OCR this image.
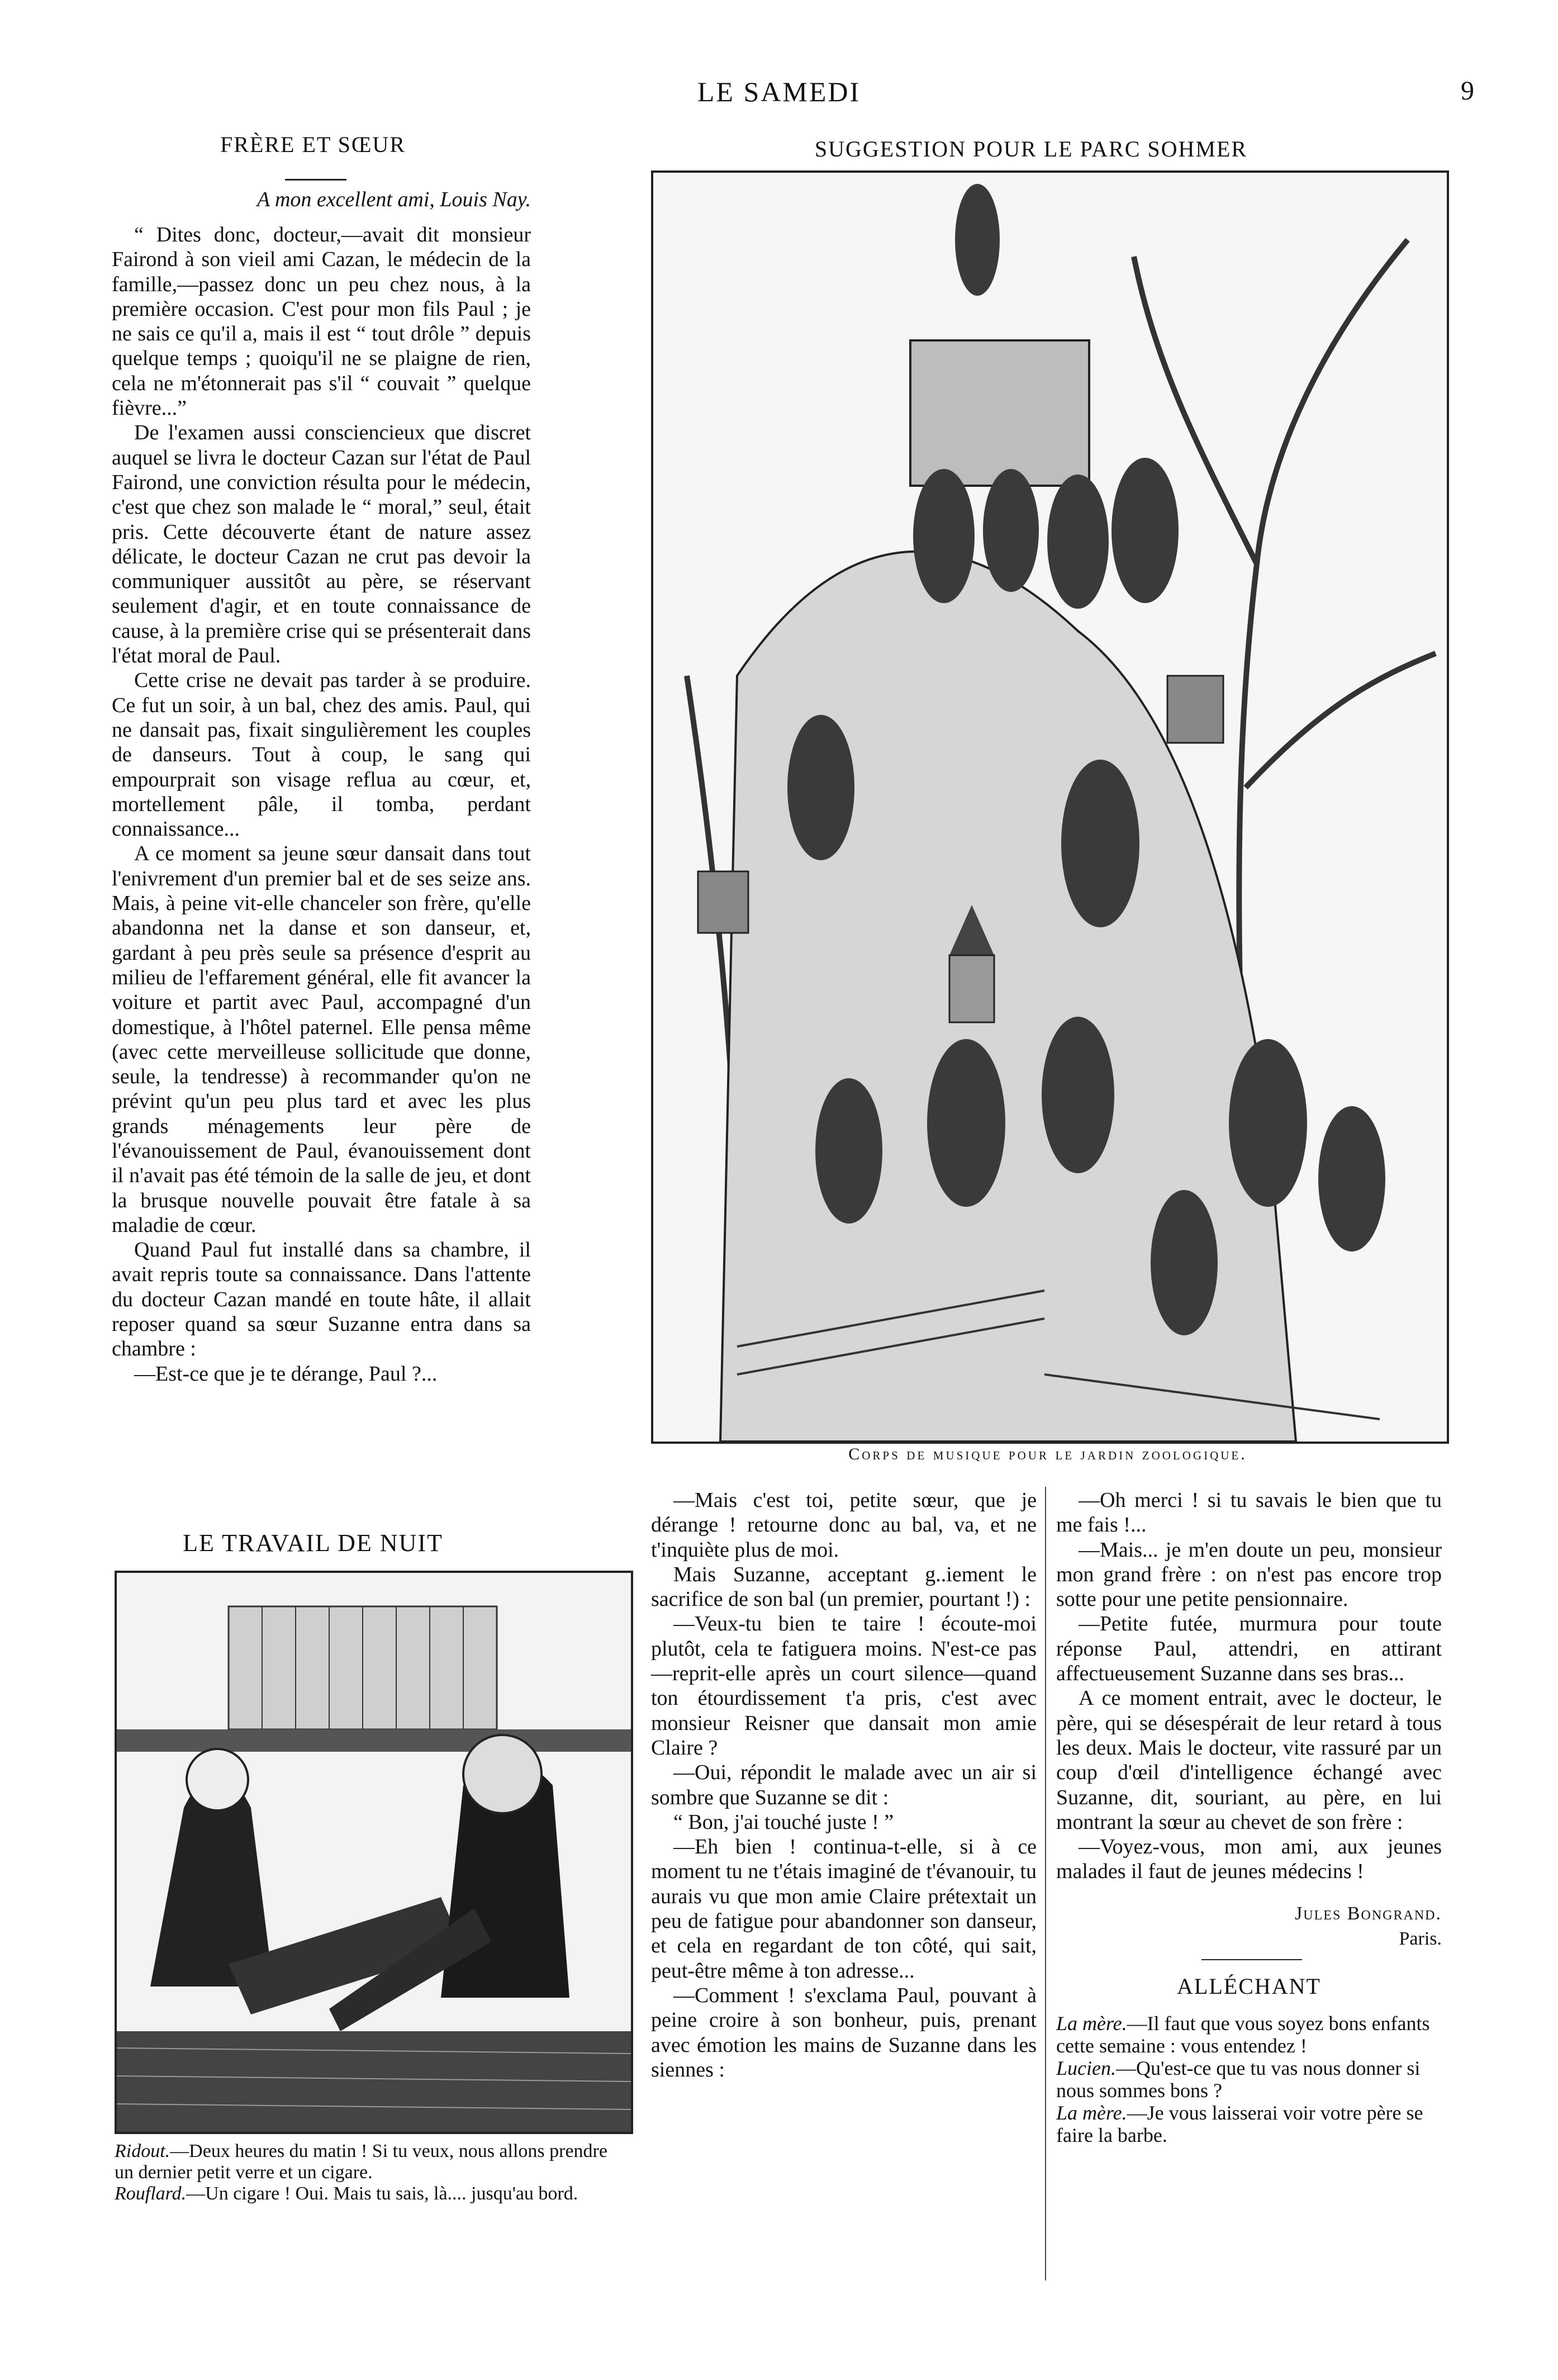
LE SAMEDI	9
FRÈRE ET SŒUR
A mon excellent ami, Louis Nay.

“ Dites donc, docteur,—avait dit monsieur Fairond à son vieil ami Cazan, le médecin de la famille,—passez donc un peu chez nous, à la première occasion. C'est pour mon fils Paul ; je ne sais ce qu'il a, mais il est “ tout drôle ” depuis quelque temps ; quoiqu'il ne se plaigne de rien, cela ne m'étonnerait pas s'il “ couvait ” quelque fièvre...”

De l'examen aussi consciencieux que discret auquel se livra le docteur Cazan sur l'état de Paul Fairond, une conviction résulta pour le médecin, c'est que chez son malade le “ moral,” seul, était pris. Cette découverte étant de nature assez délicate, le docteur Cazan ne crut pas devoir la communiquer aussitôt au père, se réservant seulement d'agir, et en toute connaissance de cause, à la première crise qui se présenterait dans l'état moral de Paul.

Cette crise ne devait pas tarder à se produire. Ce fut un soir, à un bal, chez des amis. Paul, qui ne dansait pas, fixait singulièrement les couples de danseurs. Tout à coup, le sang qui empourprait son visage reflua au cœur, et, mortellement pâle, il tomba, perdant connaissance...

A ce moment sa jeune sœur dansait dans tout l'enivrement d'un premier bal et de ses seize ans. Mais, à peine vit-elle chanceler son frère, qu'elle abandonna net la danse et son danseur, et, gardant à peu près seule sa présence d'esprit au milieu de l'effarement général, elle fit avancer la voiture et partit avec Paul, accompagné d'un domestique, à l'hôtel paternel. Elle pensa même (avec cette merveilleuse sollicitude que donne, seule, la tendresse) à recommander qu'on ne prévint qu'un peu plus tard et avec les plus grands ménagements leur père de l'évanouissement de Paul, évanouissement dont il n'avait pas été témoin de la salle de jeu, et dont la brusque nouvelle pouvait être fatale à sa maladie de cœur.

Quand Paul fut installé dans sa chambre, il avait repris toute sa connaissance. Dans l'attente du docteur Cazan mandé en toute hâte, il allait reposer quand sa sœur Suzanne entra dans sa chambre :

—Est-ce que je te dérange, Paul ?...

LE TRAVAIL DE NUIT
Ridout.—Deux heures du matin ! Si tu veux, nous allons prendre un dernier petit verre et un cigare.
Rouflard.—Un cigare ! Oui. Mais tu sais, là.... jusqu'au bord.
SUGGESTION POUR LE PARC SOHMER
Corps de musique pour le jardin zoologique.

—Mais c'est toi, petite sœur, que je dérange ! retourne donc au bal, va, et ne t'inquiète plus de moi.

Mais Suzanne, acceptant g..iement le sacrifice de son bal (un premier, pourtant !) :

—Veux-tu bien te taire ! écoute-moi plutôt, cela te fatiguera moins. N'est-ce pas—reprit-elle après un court silence—quand ton étourdissement t'a pris, c'est avec monsieur Reisner que dansait mon amie Claire ?

—Oui, répondit le malade avec un air si sombre que Suzanne se dit :

“ Bon, j'ai touché juste ! ”

—Eh bien ! continua-t-elle, si à ce moment tu ne t'étais imaginé de t'évanouir, tu aurais vu que mon amie Claire prétextait un peu de fatigue pour abandonner son danseur, et cela en regardant de ton côté, qui sait, peut-être même à ton adresse...

—Comment ! s'exclama Paul, pouvant à peine croire à son bonheur, puis, prenant avec émotion les mains de Suzanne dans les siennes :

—Oh merci ! si tu savais le bien que tu me fais !...

—Mais... je m'en doute un peu, monsieur mon grand frère : on n'est pas encore trop sotte pour une petite pensionnaire.

—Petite futée, murmura pour toute réponse Paul, attendri, en attirant affectueusement Suzanne dans ses bras...

A ce moment entrait, avec le docteur, le père, qui se désespérait de leur retard à tous les deux. Mais le docteur, vite rassuré par un coup d'œil d'intelligence échangé avec Suzanne, dit, souriant, au père, en lui montrant la sœur au chevet de son frère :

—Voyez-vous, mon ami, aux jeunes malades il faut de jeunes médecins !

Jules Bongrand.
Paris.
ALLÉCHANT
La mère.—Il faut que vous soyez bons enfants cette semaine : vous entendez !
Lucien.—Qu'est-ce que tu vas nous donner si nous sommes bons ?
La mère.—Je vous laisserai voir votre père se faire la barbe.
